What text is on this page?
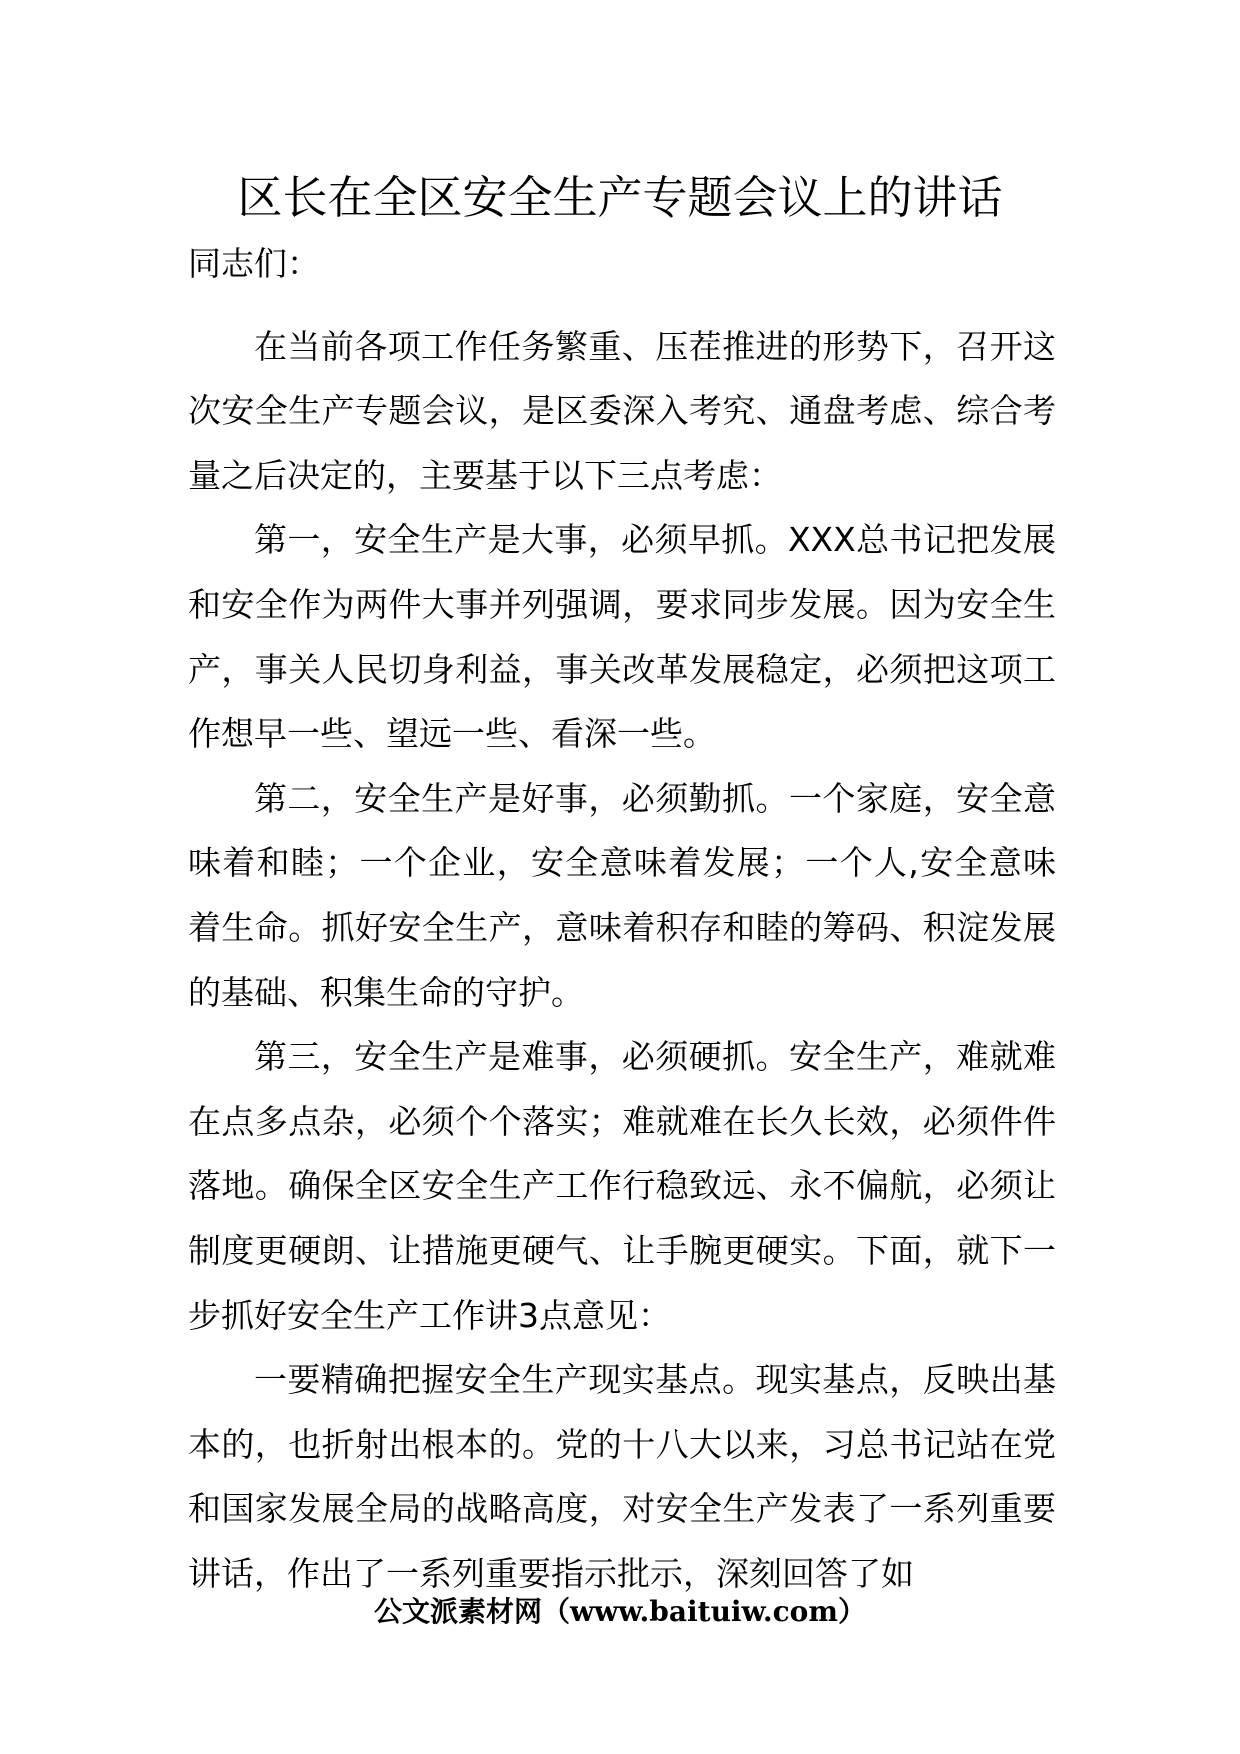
区长在全区安全生产专题会议上的讲话

同志们：

在当前各项工作任务繁重、压茬推进的形势下，召开这次安全生产专题会议，是区委深入考究、通盘考虑、综合考量之后决定的，主要基于以下三点考虑：

第一，安全生产是大事，必须早抓。XXX总书记把发展和安全作为两件大事并列强调，要求同步发展。因为安全生产，事关人民切身利益，事关改革发展稳定，必须把这项工作想早一些、望远一些、看深一些。

第二，安全生产是好事，必须勤抓。一个家庭，安全意味着和睦；一个企业，安全意味着发展；一个人,安全意味着生命。抓好安全生产，意味着积存和睦的筹码、积淀发展的基础、积集生命的守护。

第三，安全生产是难事，必须硬抓。安全生产，难就难在点多点杂，必须个个落实；难就难在长久长效，必须件件落地。确保全区安全生产工作行稳致远、永不偏航，必须让制度更硬朗、让措施更硬气、让手腕更硬实。下面，就下一步抓好安全生产工作讲3点意见：

一要精确把握安全生产现实基点。现实基点，反映出基本的，也折射出根本的。党的十八大以来，习总书记站在党和国家发展全局的战略高度，对安全生产发表了一系列重要讲话，作出了一系列重要指示批示，深刻回答了如

公文派素材网（www.baituiw.com）
